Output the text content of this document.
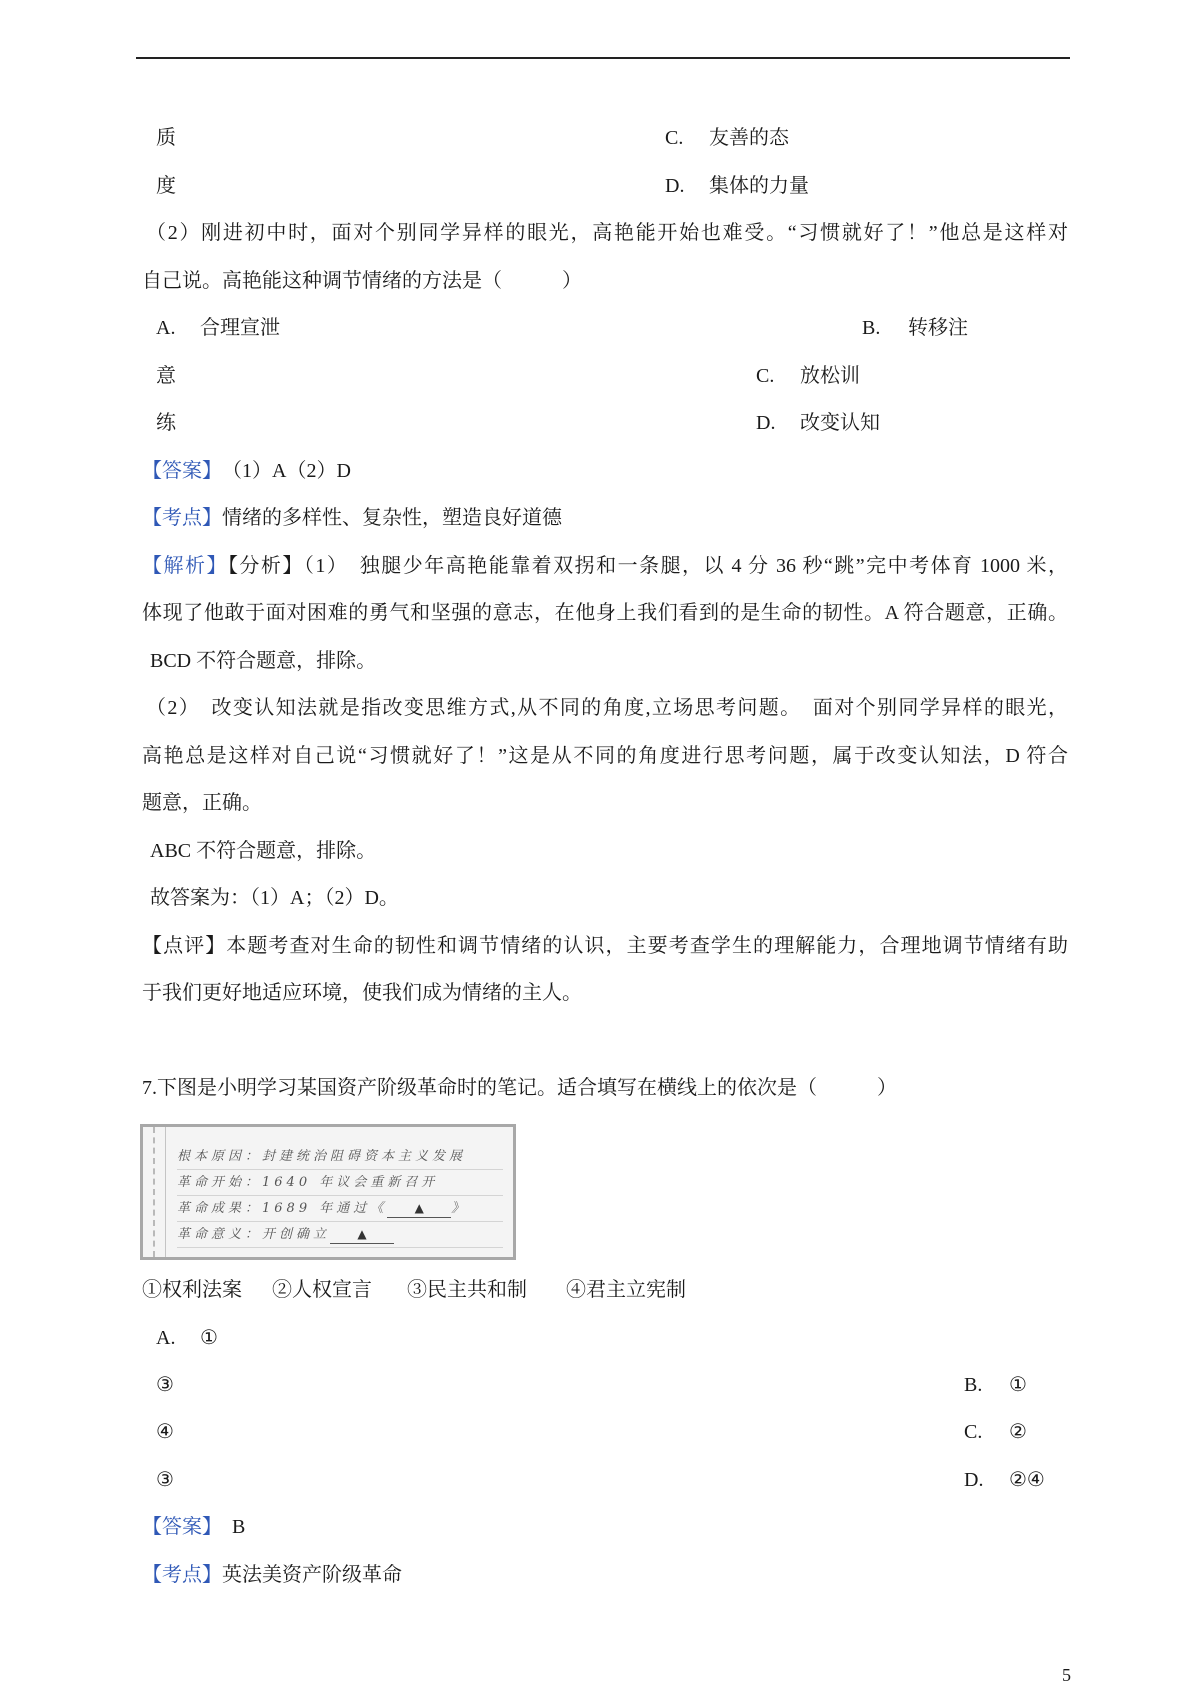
质	C. 友善的态
度	D. 集体的力量
（2）刚进初中时，面对个别同学异样的眼光，高艳能开始也难受。“习惯就好了！”他总是这样对
自己说。高艳能这种调节情绪的方法是（　　　）
A. 合理宣泄	B. 转移注
意	C. 放松训
练	D. 改变认知
【答案】 （1）A（2）D
【考点】情绪的多样性、复杂性，塑造良好道德
【解析】【分析】（1）　独腿少年高艳能靠着双拐和一条腿，以 4 分 36 秒“跳”完中考体育 1000 米，
体现了他敢于面对困难的勇气和坚强的意志，在他身上我们看到的是生命的韧性。A 符合题意，正确。
BCD 不符合题意，排除。
（2）　改变认知法就是指改变思维方式,从不同的角度,立场思考问题。　面对个别同学异样的眼光，
高艳总是这样对自己说“习惯就好了！”这是从不同的角度进行思考问题，属于改变认知法，D 符合
题意，正确。
ABC 不符合题意，排除。
故答案为：（1）A；（2）D。
【点评】本题考查对生命的韧性和调节情绪的认识，主要考查学生的理解能力，合理地调节情绪有助
于我们更好地适应环境，使我们成为情绪的主人。
7.下图是小明学习某国资产阶级革命时的笔记。适合填写在横线上的依次是（　　　）
根本原因：封建统治阻碍资本主义发展
革命开始：1640 年议会重新召开
革命成果：1689 年通过《 ▲ 》
革命意义：开创确立 ▲
①权利法案 ②人权宣言 ③民主共和制 ④君主立宪制
A. ①
③	B. ①
④	C. ②
③	D. ②④
【答案】 B
【考点】英法美资产阶级革命
5
